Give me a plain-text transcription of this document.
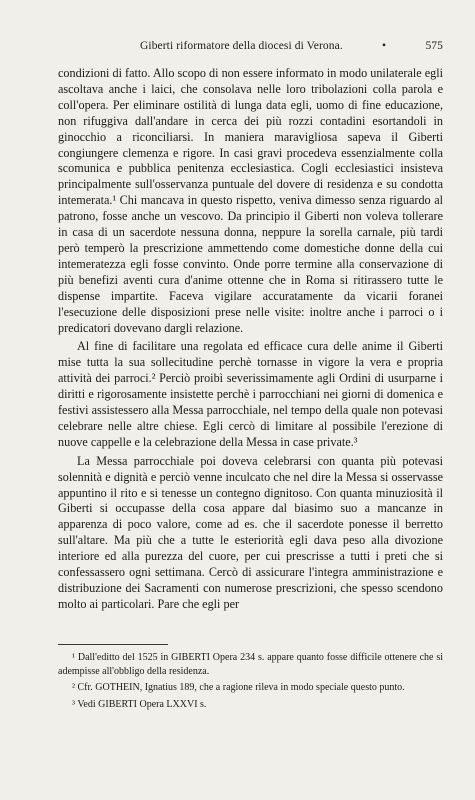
Giberti riformatore della diocesi di Verona.	•	575

condizioni di fatto. Allo scopo di non essere informato in modo unilaterale egli ascoltava anche i laici, che consolava nelle loro tribolazioni colla parola e coll'opera. Per eliminare ostilità di lunga data egli, uomo di fine educazione, non rifuggiva dall'andare in cerca dei più rozzi contadini esortandoli in ginocchio a riconciliarsi. In maniera maravigliosa sapeva il Giberti congiungere clemenza e rigore. In casi gravi procedeva essenzialmente colla scomunica e pubblica penitenza ecclesiastica. Cogli ecclesiastici insisteva principalmente sull'osservanza puntuale del dovere di residenza e su condotta intemerata.¹ Chi mancava in questo rispetto, veniva dimesso senza riguardo al patrono, fosse anche un vescovo. Da principio il Giberti non voleva tollerare in casa di un sacerdote nessuna donna, neppure la sorella carnale, più tardi però temperò la prescrizione ammettendo come domestiche donne della cui intemeratezza egli fosse convinto. Onde porre termine alla conservazione di più benefizi aventi cura d'anime ottenne che in Roma si ritirassero tutte le dispense impartite. Faceva vigilare accuratamente da vicarii foranei l'esecuzione delle disposizioni prese nelle visite: inoltre anche i parroci o i predicatori dovevano dargli relazione.

Al fine di facilitare una regolata ed efficace cura delle anime il Giberti mise tutta la sua sollecitudine perchè tornasse in vigore la vera e propria attività dei parroci.² Perciò proibì severissimamente agli Ordini di usurparne i diritti e rigorosamente insistette perchè i parrocchiani nei giorni di domenica e festivi assistessero alla Messa parrocchiale, nel tempo della quale non potevasi celebrare nelle altre chiese. Egli cercò di limitare al possibile l'erezione di nuove cappelle e la celebrazione della Messa in case private.³

La Messa parrocchiale poi doveva celebrarsi con quanta più potevasi solennità e dignità e perciò venne inculcato che nel dire la Messa si osservasse appuntino il rito e si tenesse un contegno dignitoso. Con quanta minuziosità il Giberti si occupasse della cosa appare dal biasimo suo a mancanze in apparenza di poco valore, come ad es. che il sacerdote ponesse il berretto sull'altare. Ma più che a tutte le esteriorità egli dava peso alla divozione interiore ed alla purezza del cuore, per cui prescrisse a tutti i preti che si confessassero ogni settimana. Cercò di assicurare l'integra amministrazione e distribuzione dei Sacramenti con numerose prescrizioni, che spesso scendono molto ai particolari. Pare che egli per

¹ Dall'editto del 1525 in GIBERTI Opera 234 s. appare quanto fosse difficile ottenere che si adempisse all'obbligo della residenza.

² Cfr. GOTHEIN, Ignatius 189, che a ragione rileva in modo speciale questo punto.

³ Vedi GIBERTI Opera LXXVI s.
